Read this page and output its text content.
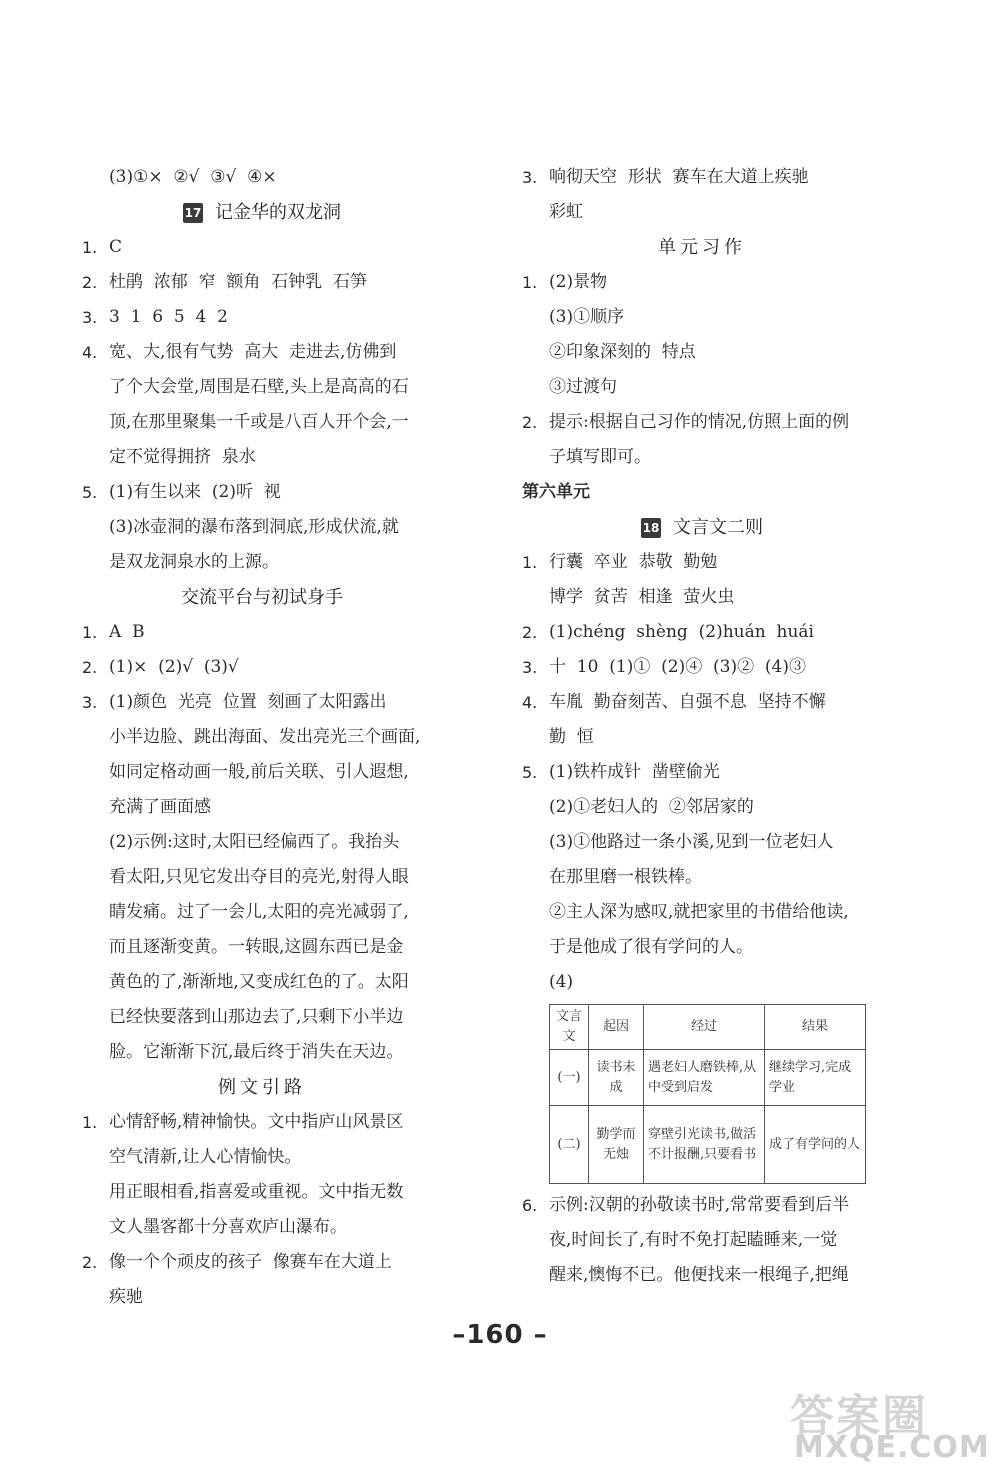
(3)①×  ②√  ③√  ④×
17 记金华的双龙洞
1. C
2. 杜鹃  浓郁  窄  额角  石钟乳  石笋
3. 3  1  6  5  4  2
4. 宽、大,很有气势  高大  走进去,仿佛到
了个大会堂,周围是石壁,头上是高高的石
顶,在那里聚集一千或是八百人开个会,一
定不觉得拥挤  泉水
5. (1)有生以来  (2)听  视
(3)冰壶洞的瀑布落到洞底,形成伏流,就
是双龙洞泉水的上源。
交流平台与初试身手
1. A  B
2. (1)×  (2)√  (3)√
3. (1)颜色  光亮  位置  刻画了太阳露出
小半边脸、跳出海面、发出亮光三个画面,
如同定格动画一般,前后关联、引人遐想,
充满了画面感
(2)示例:这时,太阳已经偏西了。我抬头
看太阳,只见它发出夺目的亮光,射得人眼
睛发痛。过了一会儿,太阳的亮光减弱了,
而且逐渐变黄。一转眼,这圆东西已是金
黄色的了,渐渐地,又变成红色的了。太阳
已经快要落到山那边去了,只剩下小半边
脸。它渐渐下沉,最后终于消失在天边。
例文引路
1. 心情舒畅,精神愉快。文中指庐山风景区
空气清新,让人心情愉快。
用正眼相看,指喜爱或重视。文中指无数
文人墨客都十分喜欢庐山瀑布。
2. 像一个个顽皮的孩子  像赛车在大道上
疾驰
3. 响彻天空  形状  赛车在大道上疾驰
彩虹
单元习作
1. (2)景物
(3)①顺序
②印象深刻的  特点
③过渡句
2. 提示:根据自己习作的情况,仿照上面的例
子填写即可。
第六单元
18 文言文二则
1. 行囊  卒业  恭敬  勤勉
博学  贫苦  相逢  萤火虫
2. (1)chéng  shèng  (2)huán  huái
3. 十  10  (1)①  (2)④  (3)②  (4)③
4. 车胤  勤奋刻苦、自强不息  坚持不懈
勤  恒
5. (1)铁杵成针  凿壁偷光
(2)①老妇人的  ②邻居家的
(3)①他路过一条小溪,见到一位老妇人
在那里磨一根铁棒。
②主人深为感叹,就把家里的书借给他读,
于是他成了很有学问的人。
(4)
文言文	起因	经过	结果
(一)	读书未成	遇老妇人磨铁棒,从中受到启发	继续学习,完成学业
(二)	勤学而无烛	穿壁引光读书,做活不计报酬,只要看书	成了有学问的人
6. 示例:汉朝的孙敬读书时,常常要看到后半
夜,时间长了,有时不免打起瞌睡来,一觉
醒来,懊悔不已。他便找来一根绳子,把绳
–160 –
答案圈
MXQE.COM
